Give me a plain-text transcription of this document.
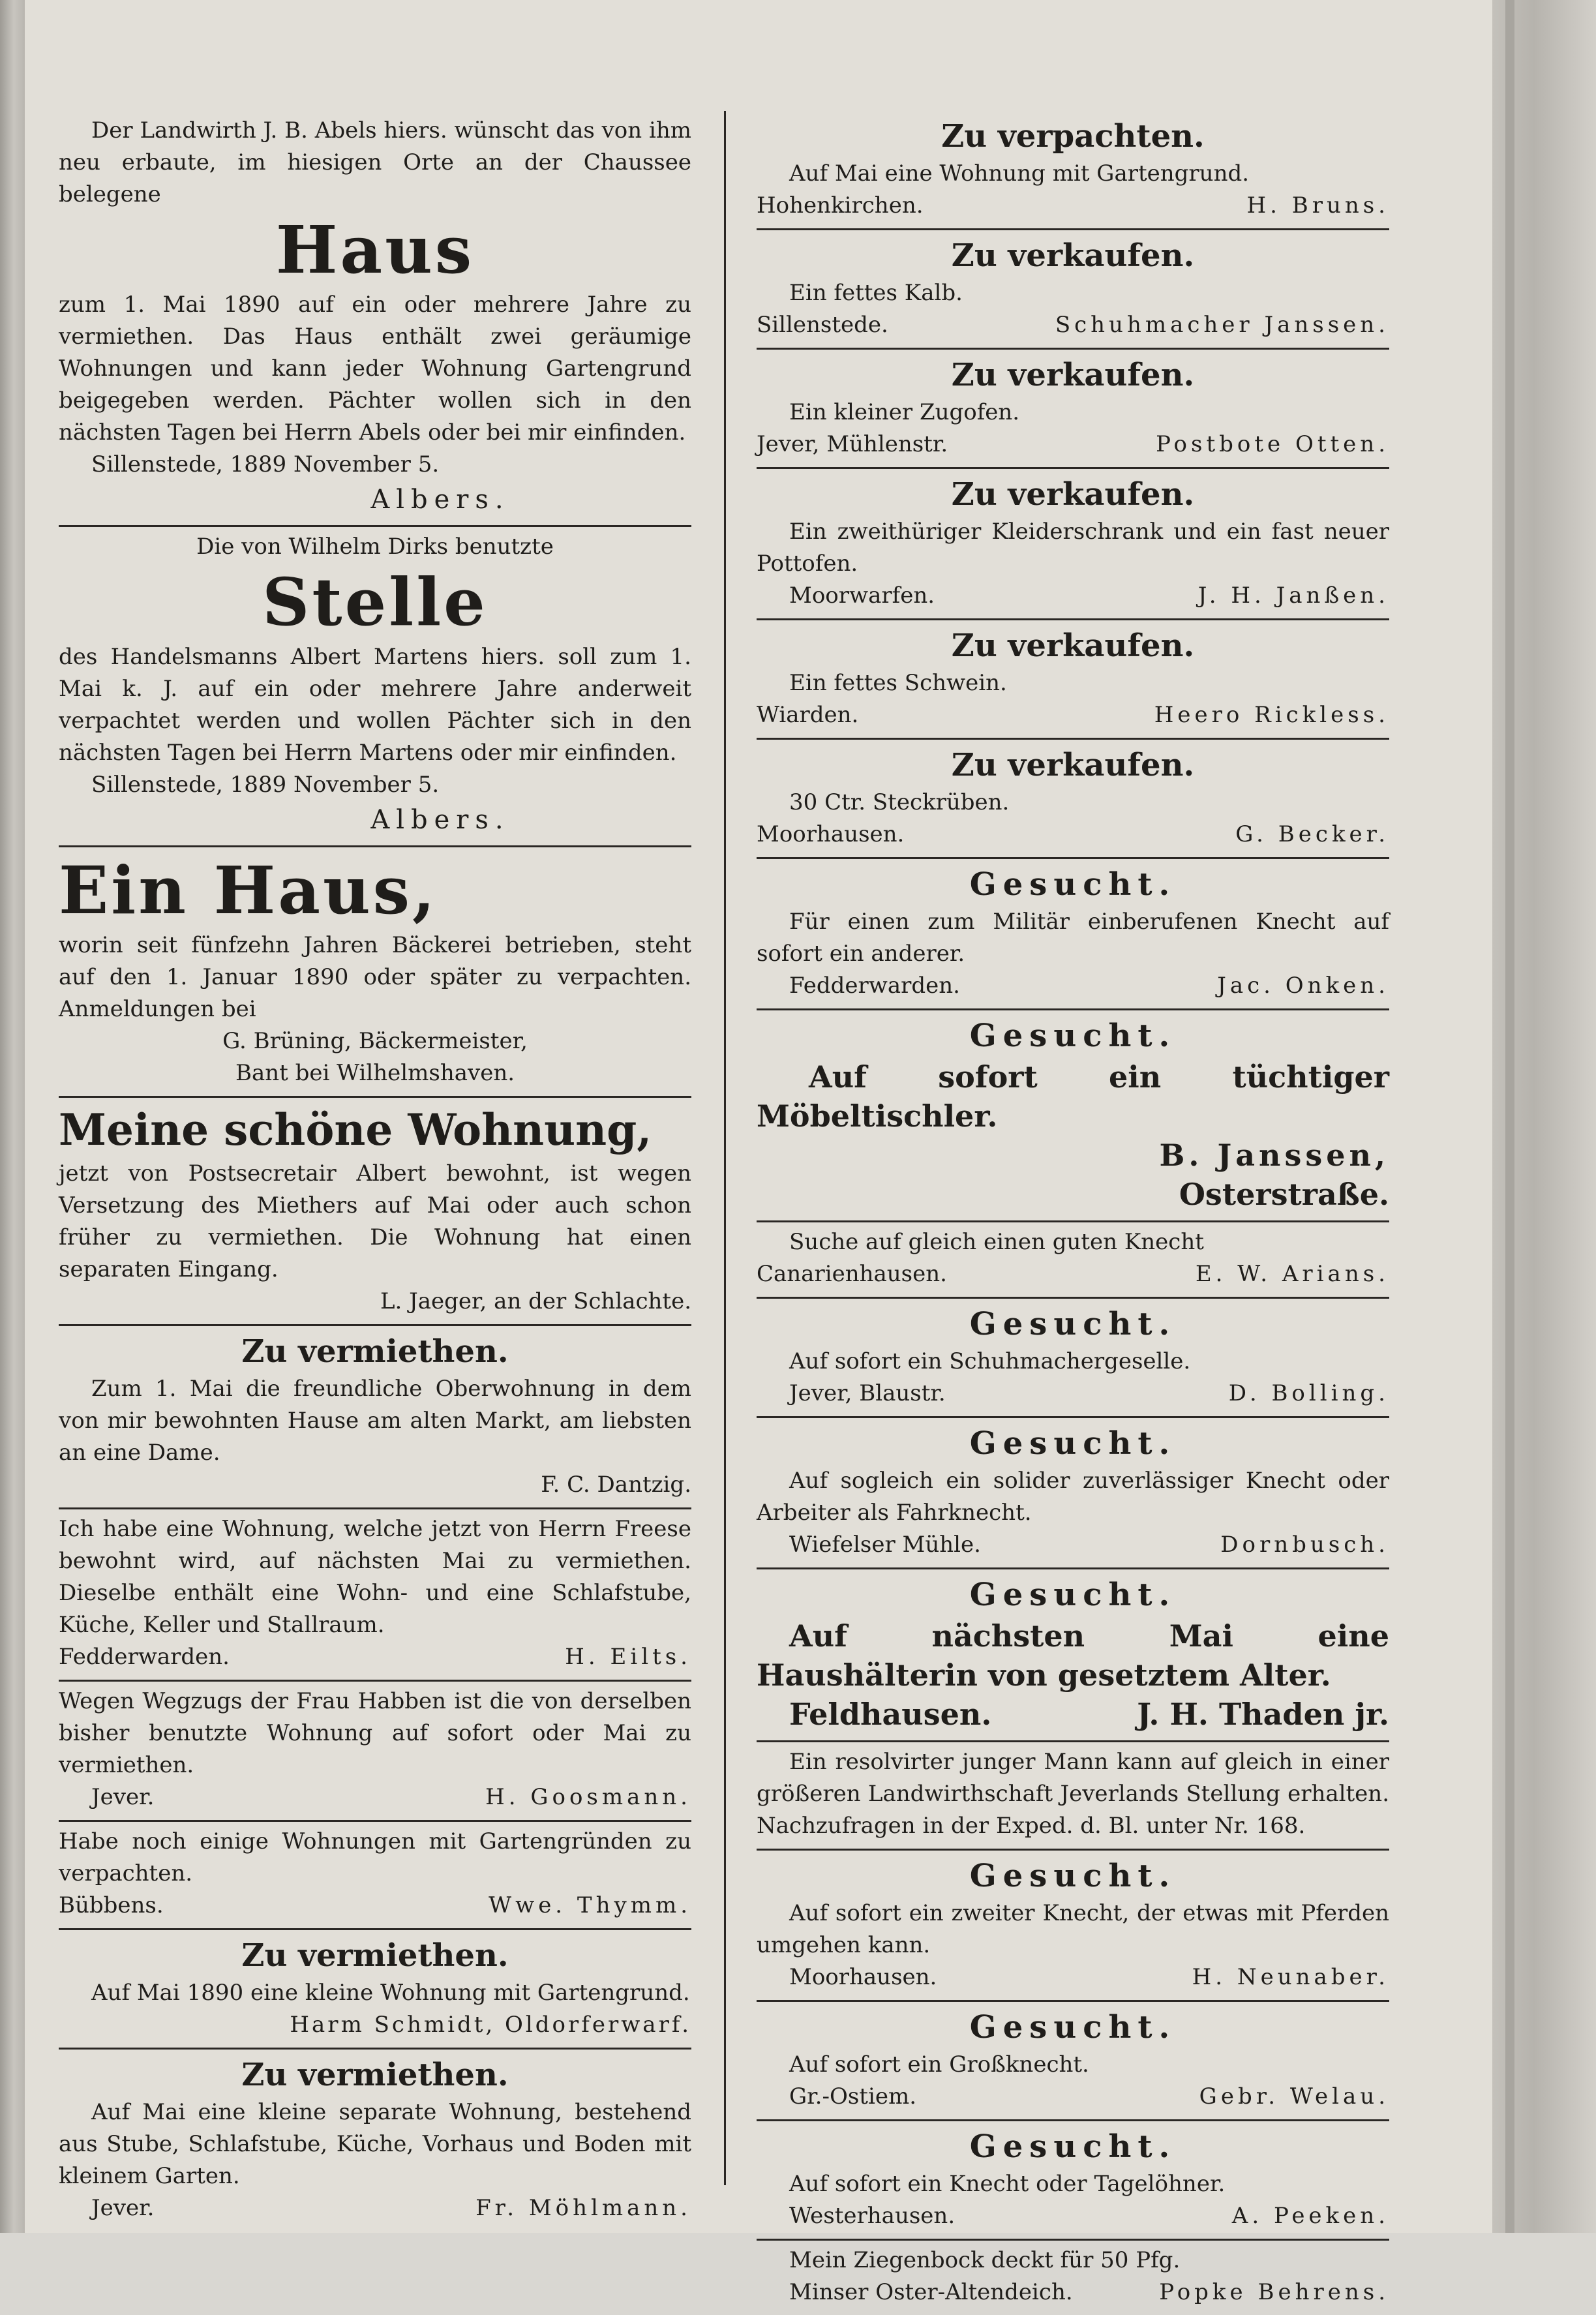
Der Landwirth J. B. Abels hiers. wünscht das von ihm neu erbaute, im hiesigen Orte an der Chaussee belegene

Haus

zum 1. Mai 1890 auf ein oder mehrere Jahre zu vermiethen. Das Haus enthält zwei geräumige Wohnungen und kann jeder Wohnung Gartengrund beigegeben werden. Pächter wollen sich in den nächsten Tagen bei Herrn Abels oder bei mir einfinden.

Sillenstede, 1889 November 5.

Albers.

Die von Wilhelm Dirks benutzte

Stelle

des Handelsmanns Albert Martens hiers. soll zum 1. Mai k. J. auf ein oder mehrere Jahre anderweit verpachtet werden und wollen Pächter sich in den nächsten Tagen bei Herrn Martens oder mir einfinden.

Sillenstede, 1889 November 5.

Albers.

Ein Haus,

worin seit fünfzehn Jahren Bäckerei betrieben, steht auf den 1. Januar 1890 oder später zu verpachten. Anmeldungen bei

G. Brüning, Bäckermeister,

Bant bei Wilhelmshaven.

Meine schöne Wohnung,

jetzt von Postsecretair Albert bewohnt, ist wegen Versetzung des Miethers auf Mai oder auch schon früher zu vermiethen. Die Wohnung hat einen separaten Eingang.

L. Jaeger, an der Schlachte.

Zu vermiethen.

Zum 1. Mai die freundliche Oberwohnung in dem von mir bewohnten Hause am alten Markt, am liebsten an eine Dame.

F. C. Dantzig.

Ich habe eine Wohnung, welche jetzt von Herrn Freese bewohnt wird, auf nächsten Mai zu vermiethen. Dieselbe enthält eine Wohn- und eine Schlafstube, Küche, Keller und Stallraum.

Fedderwarden.	H. Eilts.

Wegen Wegzugs der Frau Habben ist die von derselben bisher benutzte Wohnung auf sofort oder Mai zu vermiethen.

Jever.	H. Goosmann.

Habe noch einige Wohnungen mit Gartengründen zu verpachten.

Bübbens.	Wwe. Thymm.

Zu vermiethen.

Auf Mai 1890 eine kleine Wohnung mit Gartengrund.

Harm Schmidt, Oldorferwarf.

Zu vermiethen.

Auf Mai eine kleine separate Wohnung, bestehend aus Stube, Schlafstube, Küche, Vorhaus und Boden mit kleinem Garten.

Jever.	Fr. Möhlmann.

Zu verpachten.

Auf Mai eine Wohnung mit Gartengrund.

Hohenkirchen.	H. Bruns.

Zu verkaufen.

Ein fettes Kalb.

Sillenstede.	Schuhmacher Janssen.

Zu verkaufen.

Ein kleiner Zugofen.

Jever, Mühlenstr.	Postbote Otten.

Zu verkaufen.

Ein zweithüriger Kleiderschrank und ein fast neuer Pottofen.

Moorwarfen.	J. H. Janßen.

Zu verkaufen.

Ein fettes Schwein.

Wiarden.	Heero Rickless.

Zu verkaufen.

30 Ctr. Steckrüben.

Moorhausen.	G. Becker.

Gesucht.

Für einen zum Militär einberufenen Knecht auf sofort ein anderer.

Fedderwarden.	Jac. Onken.

Gesucht.

Auf sofort ein tüchtiger Möbeltischler.

B. Janssen,

Osterstraße.

Suche auf gleich einen guten Knecht

Canarienhausen.	E. W. Arians.

Gesucht.

Auf sofort ein Schuhmachergeselle.

Jever, Blaustr.	D. Bolling.

Gesucht.

Auf sogleich ein solider zuverlässiger Knecht oder Arbeiter als Fahrknecht.

Wiefelser Mühle.	Dornbusch.

Gesucht.

Auf nächsten Mai eine Haushälterin von gesetztem Alter.

Feldhausen.	J. H. Thaden jr.

Ein resolvirter junger Mann kann auf gleich in einer größeren Landwirthschaft Jeverlands Stellung erhalten. Nachzufragen in der Exped. d. Bl. unter Nr. 168.

Gesucht.

Auf sofort ein zweiter Knecht, der etwas mit Pferden umgehen kann.

Moorhausen.	H. Neunaber.

Gesucht.

Auf sofort ein Großknecht.

Gr.-Ostiem.	Gebr. Welau.

Gesucht.

Auf sofort ein Knecht oder Tagelöhner.

Westerhausen.	A. Peeken.

Mein Ziegenbock deckt für 50 Pfg.

Minser Oster-Altendeich.	Popke Behrens.
